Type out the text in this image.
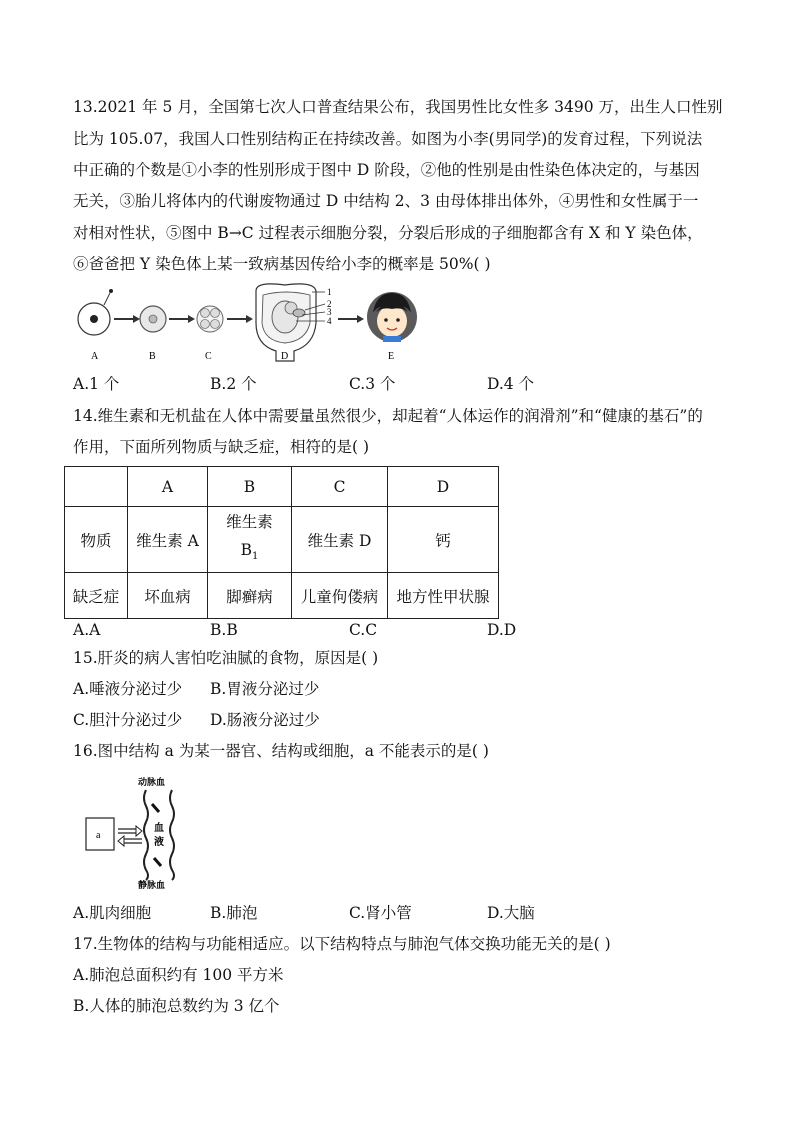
13.2021 年 5 月，全国第七次人口普查结果公布，我国男性比女性多 3490 万，出生人口性别
比为 105.07，我国人口性别结构正在持续改善。如图为小李(男同学)的发育过程，下列说法
中正确的个数是①小李的性别形成于图中 D 阶段，②他的性别是由性染色体决定的，与基因
无关，③胎儿将体内的代谢废物通过 D 中结构 2、3 由母体排出体外，④男性和女性属于一
对相对性状，⑤图中 B→C 过程表示细胞分裂，分裂后形成的子细胞都含有 X 和 Y 染色体，
⑥爸爸把 Y 染色体上某一致病基因传给小李的概率是 50%( )
1
2
3
4
A	B	C	D	E
A.1 个	B.2 个	C.3 个	D.4 个
14.维生素和无机盐在人体中需要量虽然很少，却起着“人体运作的润滑剂”和“健康的基石”的
作用，下面所列物质与缺乏症，相符的是( )
	A	B	C	D
物质	维生素 A	维生素
$B_1$	维生素 D	钙
缺乏症	坏血病	脚癣病	儿童佝偻病	地方性甲状腺
A.A	B.B	C.C	D.D
15.肝炎的病人害怕吃油腻的食物，原因是( )
A.唾液分泌过少 B.胃液分泌过少
C.胆汁分泌过少 D.肠液分泌过少
16.图中结构 a 为某一器官、结构或细胞，a 不能表示的是( )
动脉血
静脉血
血
液
a
A.肌肉细胞	B.肺泡	C.肾小管	D.大脑
17.生物体的结构与功能相适应。以下结构特点与肺泡气体交换功能无关的是( )
A.肺泡总面积约有 100 平方米
B.人体的肺泡总数约为 3 亿个
